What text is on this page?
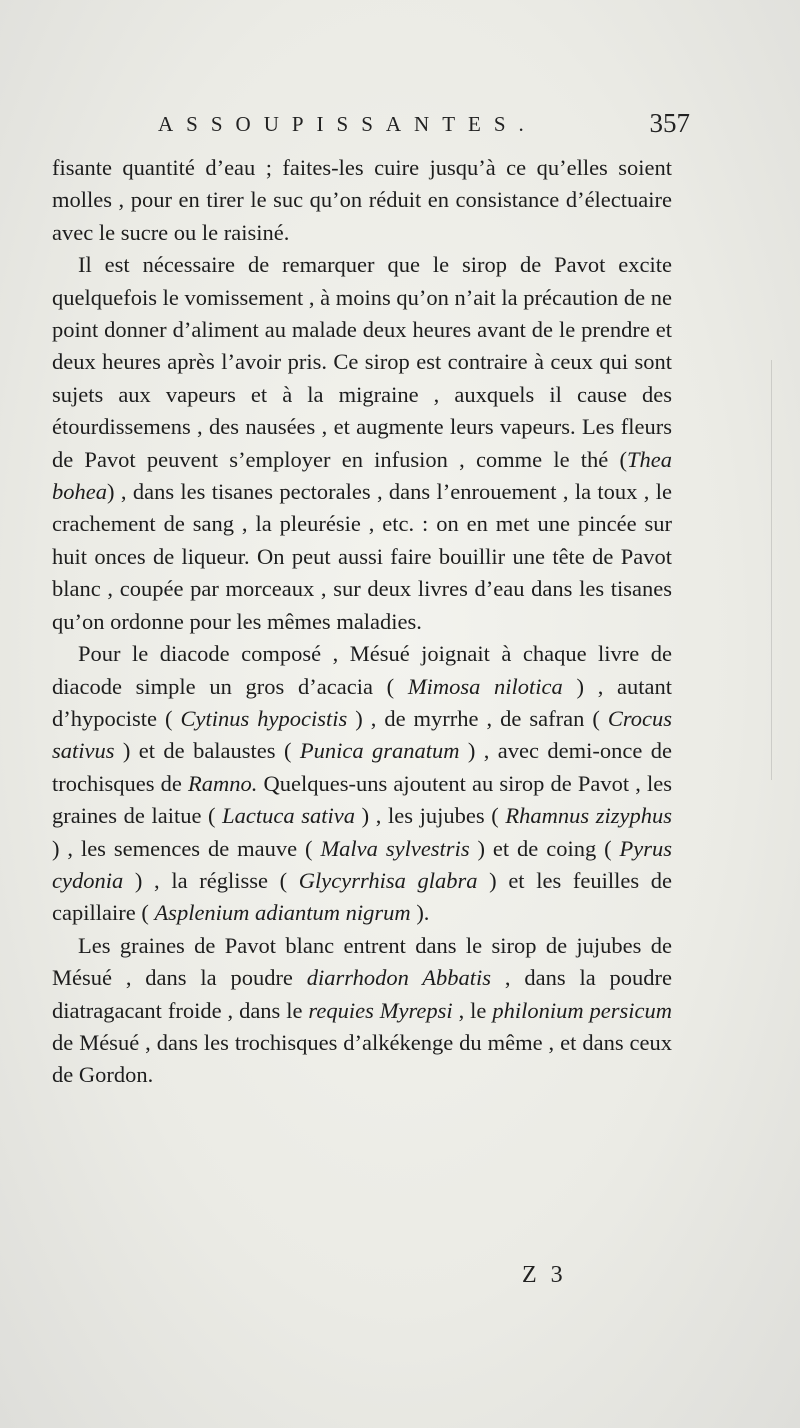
ASSOUPISSANTES.	357

fisante quantité d’eau ; faites-les cuire jusqu’à ce qu’elles soient molles , pour en tirer le suc qu’on réduit en consistance d’électuaire avec le sucre ou le raisiné.

Il est nécessaire de remarquer que le sirop de Pavot excite quelquefois le vomissement , à moins qu’on n’ait la précaution de ne point donner d’aliment au malade deux heures avant de le prendre et deux heures après l’avoir pris. Ce sirop est contraire à ceux qui sont sujets aux vapeurs et à la migraine , auxquels il cause des étourdissemens , des nausées , et augmente leurs vapeurs. Les fleurs de Pavot peuvent s’employer en infusion , comme le thé (Thea bohea) , dans les tisanes pectorales , dans l’enrouement , la toux , le crachement de sang , la pleurésie , etc. : on en met une pincée sur huit onces de liqueur. On peut aussi faire bouillir une tête de Pavot blanc , coupée par morceaux , sur deux livres d’eau dans les tisanes qu’on ordonne pour les mêmes maladies.

Pour le diacode composé , Mésué joignait à chaque livre de diacode simple un gros d’acacia ( Mimosa nilotica ) , autant d’hypociste ( Cytinus hypocistis ) , de myrrhe , de safran ( Crocus sativus ) et de balaustes ( Punica granatum ) , avec demi-once de trochisques de Ramno. Quelques-uns ajoutent au sirop de Pavot , les graines de laitue ( Lactuca sativa ) , les jujubes ( Rhamnus zizyphus ) , les semences de mauve ( Malva sylvestris ) et de coing ( Pyrus cydonia ) , la réglisse ( Glycyrrhisa glabra ) et les feuilles de capillaire ( Asplenium adiantum nigrum ).

Les graines de Pavot blanc entrent dans le sirop de jujubes de Mésué , dans la poudre diarrhodon Abbatis , dans la poudre diatragacant froide , dans le requies Myrepsi , le philonium persicum de Mésué , dans les trochisques d’alkékenge du même , et dans ceux de Gordon.

Z 3
